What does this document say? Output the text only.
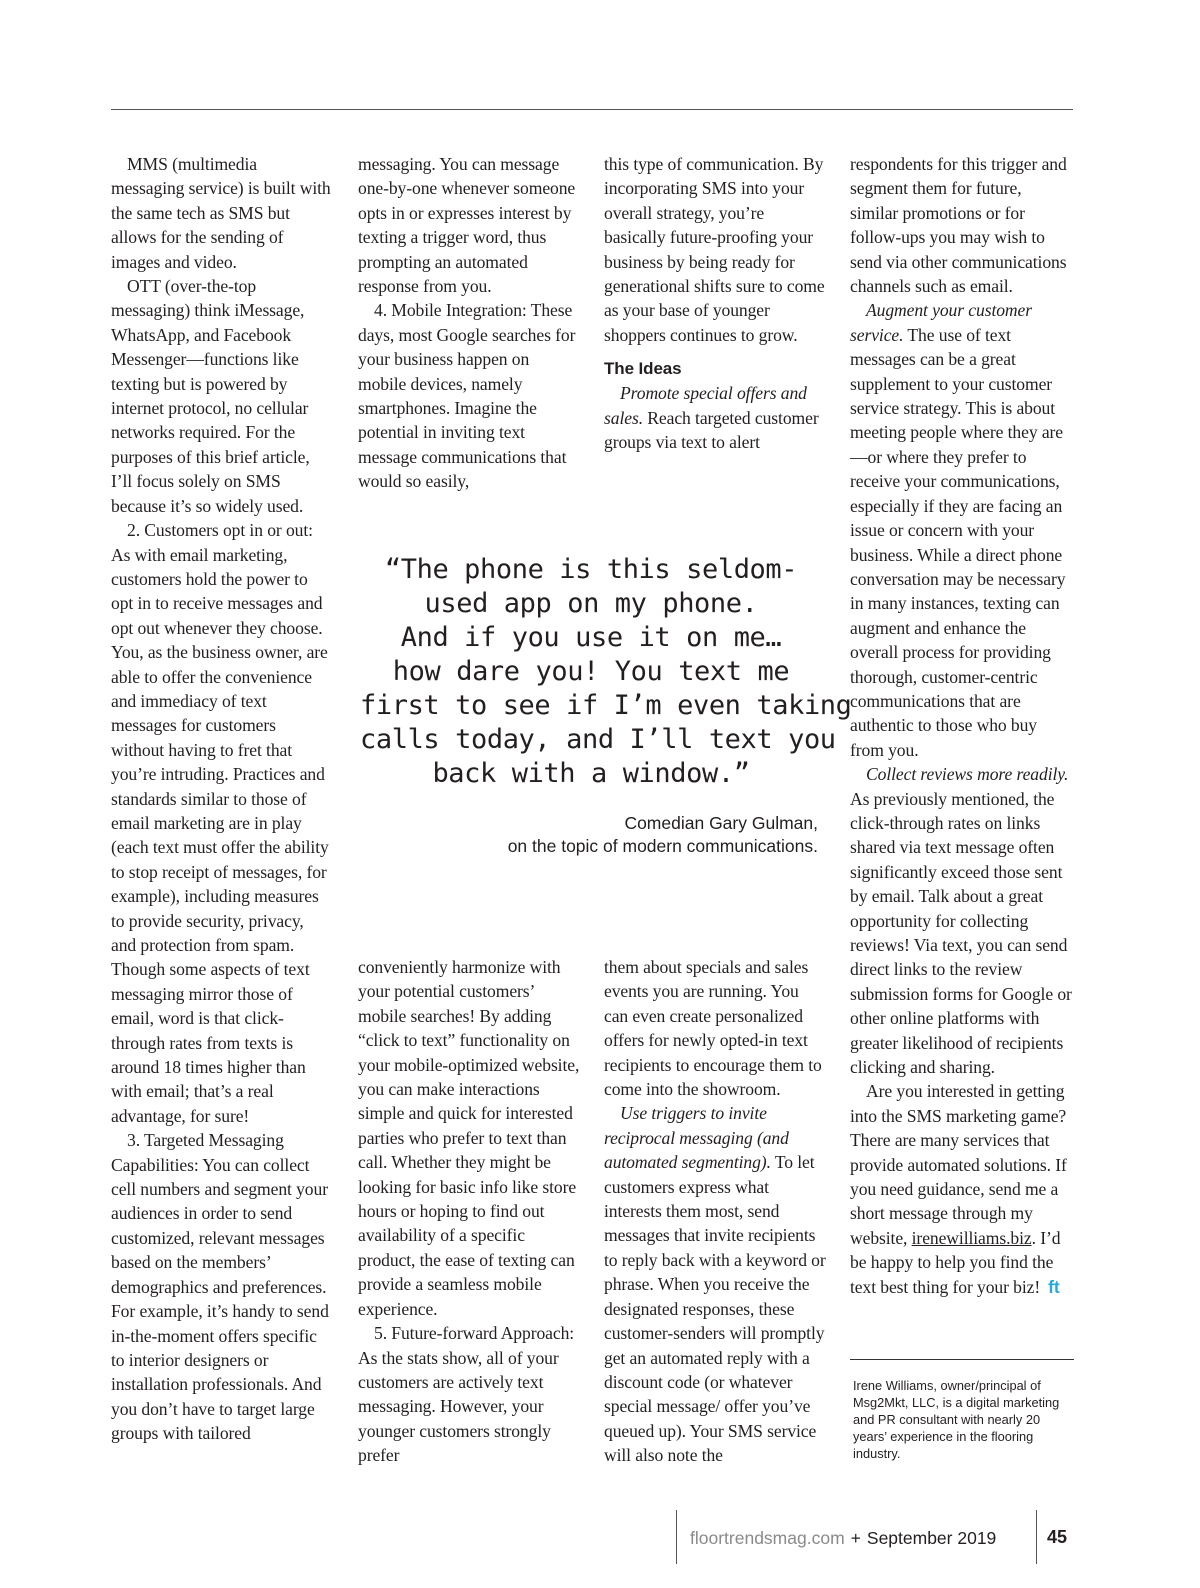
MMS (multimedia messaging service) is built with the same tech as SMS but allows for the sending of images and video.

OTT (over-the-top messaging) think iMessage, WhatsApp, and Facebook Messenger—functions like texting but is powered by internet protocol, no cellular networks required. For the purposes of this brief article, I’ll focus solely on SMS because it’s so widely used.

2. Customers opt in or out: As with email marketing, customers hold the power to opt in to receive messages and opt out whenever they choose. You, as the business owner, are able to offer the convenience and immediacy of text messages for customers without having to fret that you’re intruding. Practices and standards similar to those of email marketing are in play (each text must offer the ability to stop receipt of messages, for example), including measures to provide security, privacy, and protection from spam. Though some aspects of text messaging mirror those of email, word is that click-through rates from texts is around 18 times higher than with email; that’s a real advantage, for sure!

3. Targeted Messaging Capabilities: You can collect cell numbers and segment your audiences in order to send customized, relevant messages based on the members’ demographics and preferences. For example, it’s handy to send in-the-moment offers specific to interior designers or installation professionals. And you don’t have to target large groups with tailored

messaging. You can message one-by-one whenever someone opts in or expresses interest by texting a trigger word, thus prompting an automated response from you.

4. Mobile Integration: These days, most Google searches for your business happen on mobile devices, namely smartphones. Imagine the potential in inviting text message communications that would so easily,

this type of communication. By incorporating SMS into your overall strategy, you’re basically future-proofing your business by being ready for generational shifts sure to come as your base of younger shoppers continues to grow.

The Ideas

Promote special offers and sales. Reach targeted customer groups via text to alert

“The phone is this seldom-
used app on my phone.
And if you use it on me…
how dare you! You text me
first to see if I’m even taking
calls today, and I’ll text you
back with a window.”
Comedian Gary Gulman,
on the topic of modern communications.

conveniently harmonize with your potential customers’ mobile searches! By adding “click to text” functionality on your mobile-optimized website, you can make interactions simple and quick for interested parties who prefer to text than call. Whether they might be looking for basic info like store hours or hoping to find out availability of a specific product, the ease of texting can provide a seamless mobile experience.

5. Future-forward Approach: As the stats show, all of your customers are actively text messaging. However, your younger customers strongly prefer

them about specials and sales events you are running. You can even create personalized offers for newly opted-in text recipients to encourage them to come into the showroom.

Use triggers to invite reciprocal messaging (and automated segmenting). To let customers express what interests them most, send messages that invite recipients to reply back with a keyword or phrase. When you receive the designated responses, these customer-senders will promptly get an automated reply with a discount code (or whatever special message/ offer you’ve queued up). Your SMS service will also note the

respondents for this trigger and segment them for future, similar promotions or for follow-ups you may wish to send via other communications channels such as email.

Augment your customer service. The use of text messages can be a great supplement to your customer service strategy. This is about meeting people where they are—or where they prefer to receive your communications, especially if they are facing an issue or concern with your business. While a direct phone conversation may be necessary in many instances, texting can augment and enhance the overall process for providing thorough, customer-centric communications that are authentic to those who buy from you.

Collect reviews more readily. As previously mentioned, the click-through rates on links shared via text message often significantly exceed those sent by email. Talk about a great opportunity for collecting reviews! Via text, you can send direct links to the review submission forms for Google or other online platforms with greater likelihood of recipients clicking and sharing.

Are you interested in getting into the SMS marketing game? There are many services that provide automated solutions. If you need guidance, send me a short message through my website, irenewilliams.biz. I’d be happy to help you find the text best thing for your biz! ft

Irene Williams, owner/principal of Msg2Mkt, LLC, is a digital marketing and PR consultant with nearly 20 years’ experience in the flooring industry.
floortrendsmag.com + September 2019	45
